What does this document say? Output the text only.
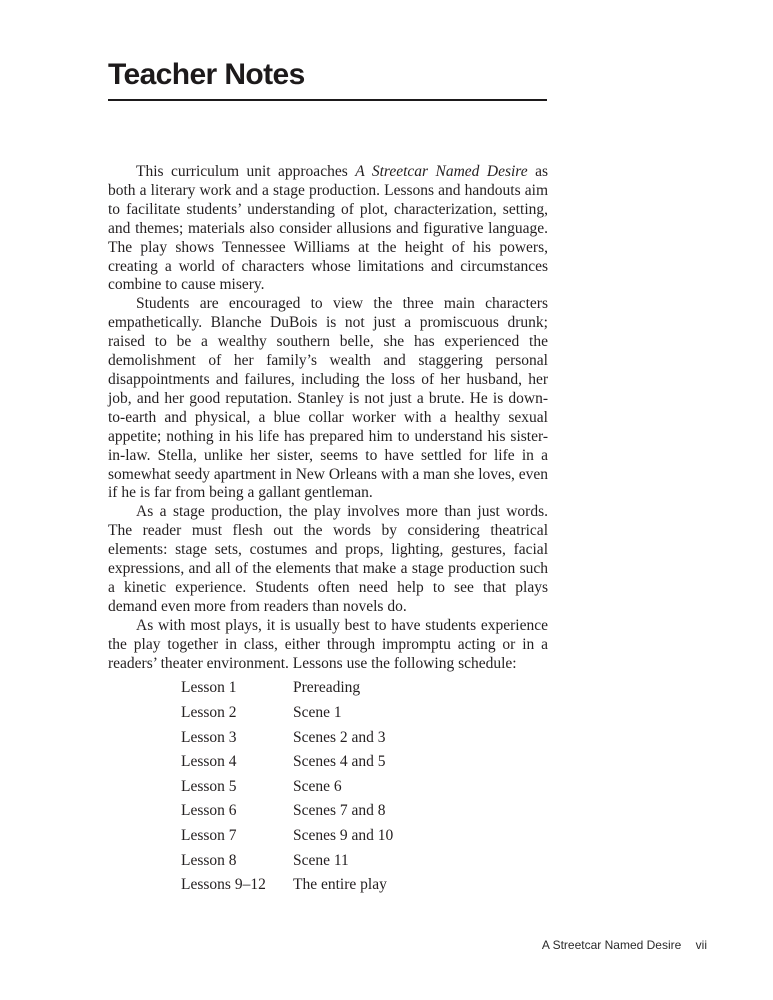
Teacher Notes

This curriculum unit approaches A Streetcar Named Desire as both a literary work and a stage production. Lessons and handouts aim to facilitate students’ understanding of plot, characterization, setting, and themes; materials also consider allusions and figurative language. The play shows Tennessee Williams at the height of his powers, creating a world of characters whose limitations and circumstances combine to cause misery.

Students are encouraged to view the three main characters empathetically. Blanche DuBois is not just a promiscuous drunk; raised to be a wealthy southern belle, she has experienced the demolishment of her family’s wealth and staggering personal disappointments and failures, including the loss of her husband, her job, and her good reputation. Stanley is not just a brute. He is down-to-earth and physical, a blue collar worker with a healthy sexual appetite; nothing in his life has prepared him to understand his sister-in-law. Stella, unlike her sister, seems to have settled for life in a somewhat seedy apartment in New Orleans with a man she loves, even if he is far from being a gallant gentleman.

As a stage production, the play involves more than just words. The reader must flesh out the words by considering theatrical elements: stage sets, costumes and props, lighting, gestures, facial expressions, and all of the elements that make a stage production such a kinetic experience. Students often need help to see that plays demand even more from readers than novels do.

As with most plays, it is usually best to have students experience the play together in class, either through impromptu acting or in a readers’ theater environment. Lessons use the following schedule:

Lesson 1	Prereading
Lesson 2	Scene 1
Lesson 3	Scenes 2 and 3
Lesson 4	Scenes 4 and 5
Lesson 5	Scene 6
Lesson 6	Scenes 7 and 8
Lesson 7	Scenes 9 and 10
Lesson 8	Scene 11
Lessons 9–12	The entire play
A Streetcar Named Desire vii
